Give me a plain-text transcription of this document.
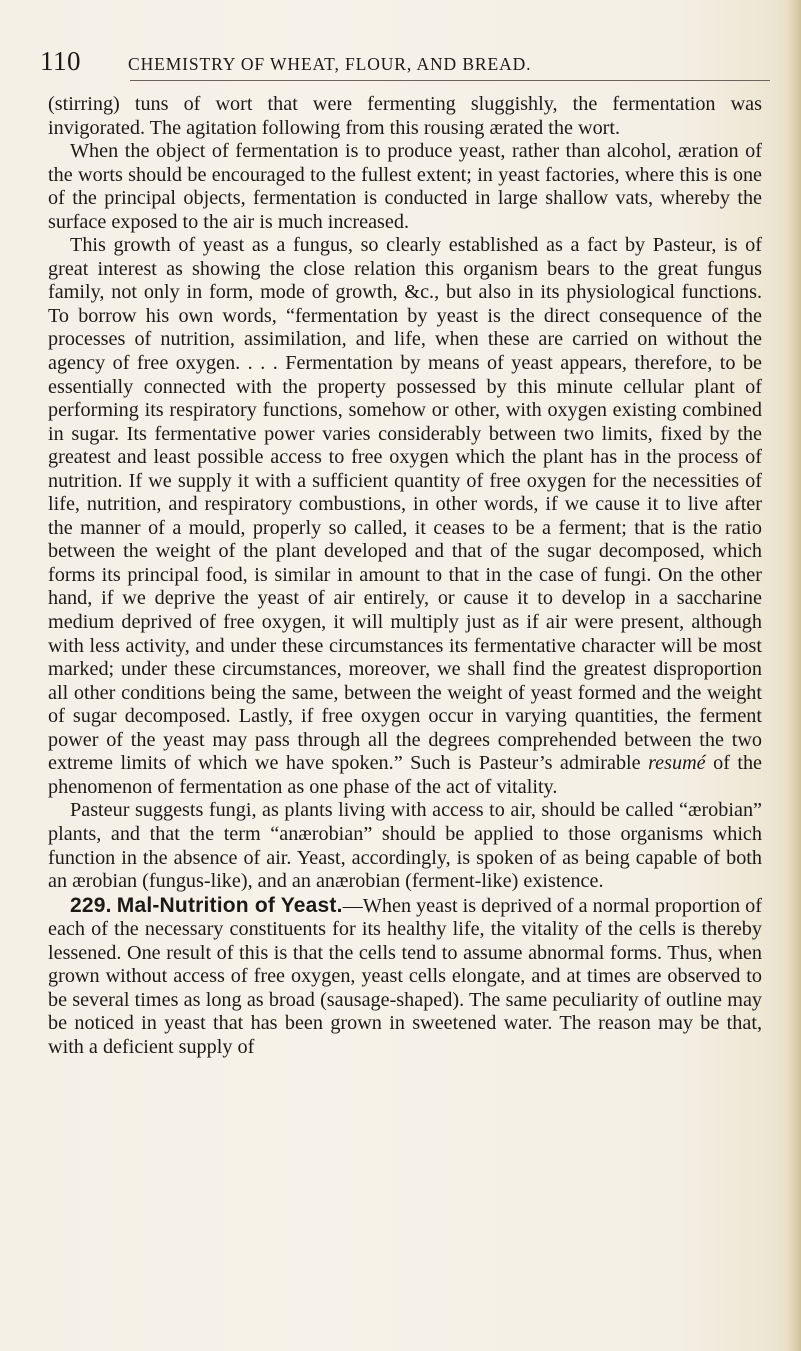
110	CHEMISTRY OF WHEAT, FLOUR, AND BREAD.

(stirring) tuns of wort that were fermenting sluggishly, the fermentation was invigorated. The agitation following from this rousing ærated the wort.

When the object of fermentation is to produce yeast, rather than alcohol, æration of the worts should be encouraged to the fullest extent; in yeast factories, where this is one of the principal objects, fermentation is conducted in large shallow vats, whereby the surface exposed to the air is much increased.

This growth of yeast as a fungus, so clearly established as a fact by Pasteur, is of great interest as showing the close relation this organism bears to the great fungus family, not only in form, mode of growth, &c., but also in its physiological functions. To borrow his own words, “fermentation by yeast is the direct consequence of the processes of nutrition, assimilation, and life, when these are carried on without the agency of free oxygen. . . . Fermentation by means of yeast appears, therefore, to be essentially connected with the property possessed by this minute cellular plant of performing its respiratory functions, somehow or other, with oxygen existing combined in sugar. Its fermentative power varies considerably between two limits, fixed by the greatest and least possible access to free oxygen which the plant has in the process of nutrition. If we supply it with a sufficient quantity of free oxygen for the necessities of life, nutrition, and respiratory combustions, in other words, if we cause it to live after the manner of a mould, properly so called, it ceases to be a ferment; that is the ratio between the weight of the plant developed and that of the sugar decomposed, which forms its principal food, is similar in amount to that in the case of fungi. On the other hand, if we deprive the yeast of air entirely, or cause it to develop in a saccharine medium deprived of free oxygen, it will multiply just as if air were present, although with less activity, and under these circumstances its fermentative character will be most marked; under these circumstances, moreover, we shall find the greatest disproportion all other conditions being the same, between the weight of yeast formed and the weight of sugar decomposed. Lastly, if free oxygen occur in varying quantities, the ferment power of the yeast may pass through all the degrees comprehended between the two extreme limits of which we have spoken.” Such is Pasteur’s admirable resumé of the phenomenon of fermentation as one phase of the act of vitality.

Pasteur suggests fungi, as plants living with access to air, should be called “ærobian” plants, and that the term “anærobian” should be applied to those organisms which function in the absence of air. Yeast, accordingly, is spoken of as being capable of both an ærobian (fungus-like), and an anærobian (ferment-like) existence.

229. Mal-Nutrition of Yeast.—When yeast is deprived of a normal proportion of each of the necessary constituents for its healthy life, the vitality of the cells is thereby lessened. One result of this is that the cells tend to assume abnormal forms. Thus, when grown without access of free oxygen, yeast cells elongate, and at times are observed to be several times as long as broad (sausage-shaped). The same peculiarity of outline may be noticed in yeast that has been grown in sweetened water. The reason may be that, with a deficient supply of
